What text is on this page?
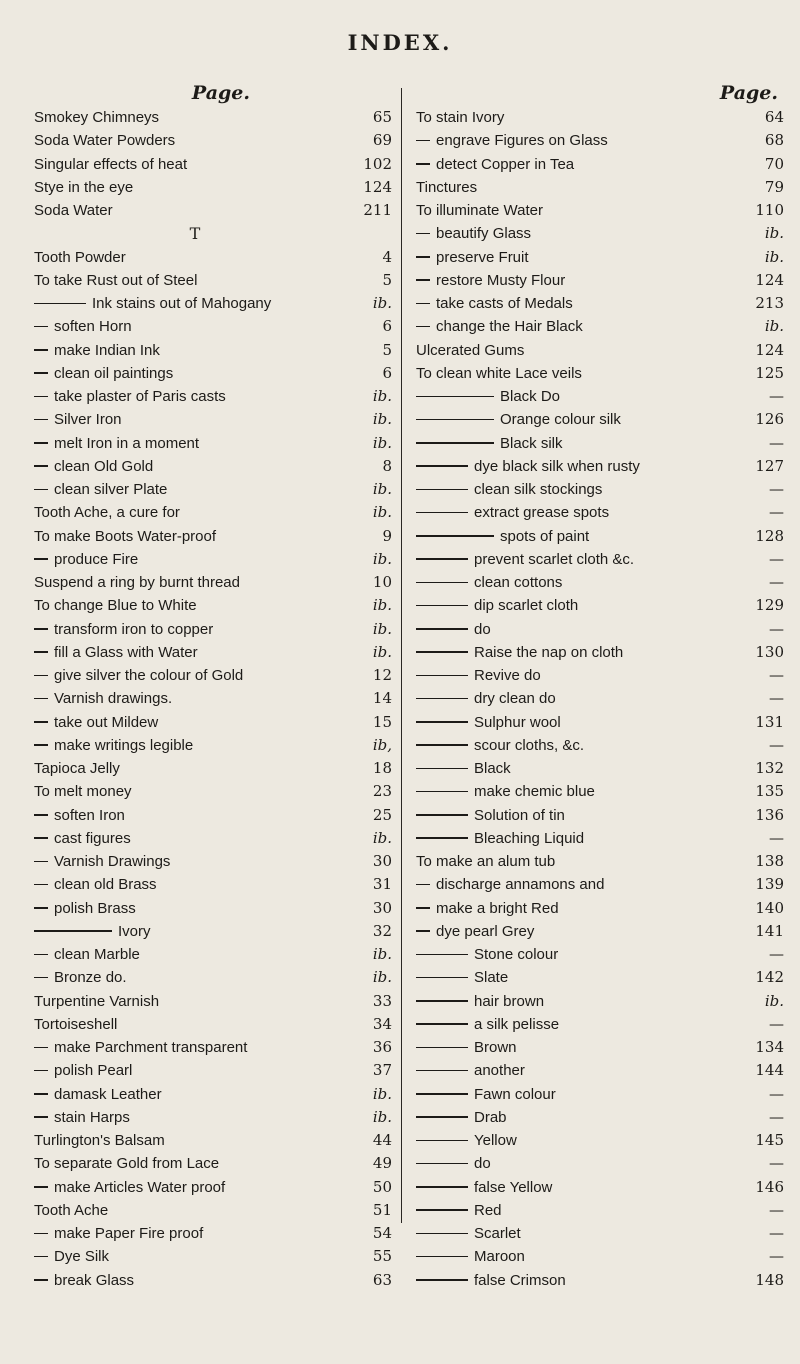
INDEX.
Page.
Smokey Chimneys	65
Soda Water Powders	69
Singular effects of heat	102
Stye in the eye	124
Soda Water	211
T
Tooth Powder	4
To take Rust out of Steel	5
Ink stains out of Mahogany	ib.
soften Horn	6
make Indian Ink	5
clean oil paintings	6
take plaster of Paris casts	ib.
Silver Iron	ib.
melt Iron in a moment	ib.
clean Old Gold	8
clean silver Plate	ib.
Tooth Ache, a cure for	ib.
To make Boots Water-proof	9
produce Fire	ib.
Suspend a ring by burnt thread	10
To change Blue to White	ib.
transform iron to copper	ib.
fill a Glass with Water	ib.
give silver the colour of Gold	12
Varnish drawings.	14
take out Mildew	15
make writings legible	ib,
Tapioca Jelly	18
To melt money	23
soften Iron	25
cast figures	ib.
Varnish Drawings	30
clean old Brass	31
polish Brass	30
Ivory	32
clean Marble	ib.
Bronze do.	ib.
Turpentine Varnish	33
Tortoiseshell	34
make Parchment transparent	36
polish Pearl	37
damask Leather	ib.
stain Harps	ib.
Turlington's Balsam	44
To separate Gold from Lace	49
make Articles Water proof	50
Tooth Ache	51
make Paper Fire proof	54
Dye Silk	55
break Glass	63
Page.
To stain Ivory	64
engrave Figures on Glass	68
detect Copper in Tea	70
Tinctures	79
To illuminate Water	110
beautify Glass	ib.
preserve Fruit	ib.
restore Musty Flour	124
take casts of Medals	213
change the Hair Black	ib.
Ulcerated Gums	124
To clean white Lace veils	125
Black Do	—
Orange colour silk	126
Black silk	—
dye black silk when rusty	127
clean silk stockings	—
extract grease spots	—
spots of paint	128
prevent scarlet cloth &c.	—
clean cottons	—
dip scarlet cloth	129
do	—
Raise the nap on cloth	130
Revive do	—
dry clean do	—
Sulphur wool	131
scour cloths, &c.	—
Black	132
make chemic blue	135
Solution of tin	136
Bleaching Liquid	—
To make an alum tub	138
discharge annamons and	139
make a bright Red	140
dye pearl Grey	141
Stone colour	—
Slate	142
hair brown	ib.
a silk pelisse	—
Brown	134
another	144
Fawn colour	—
Drab	—
Yellow	145
do	—
false Yellow	146
Red	—
Scarlet	—
Maroon	—
false Crimson	148
